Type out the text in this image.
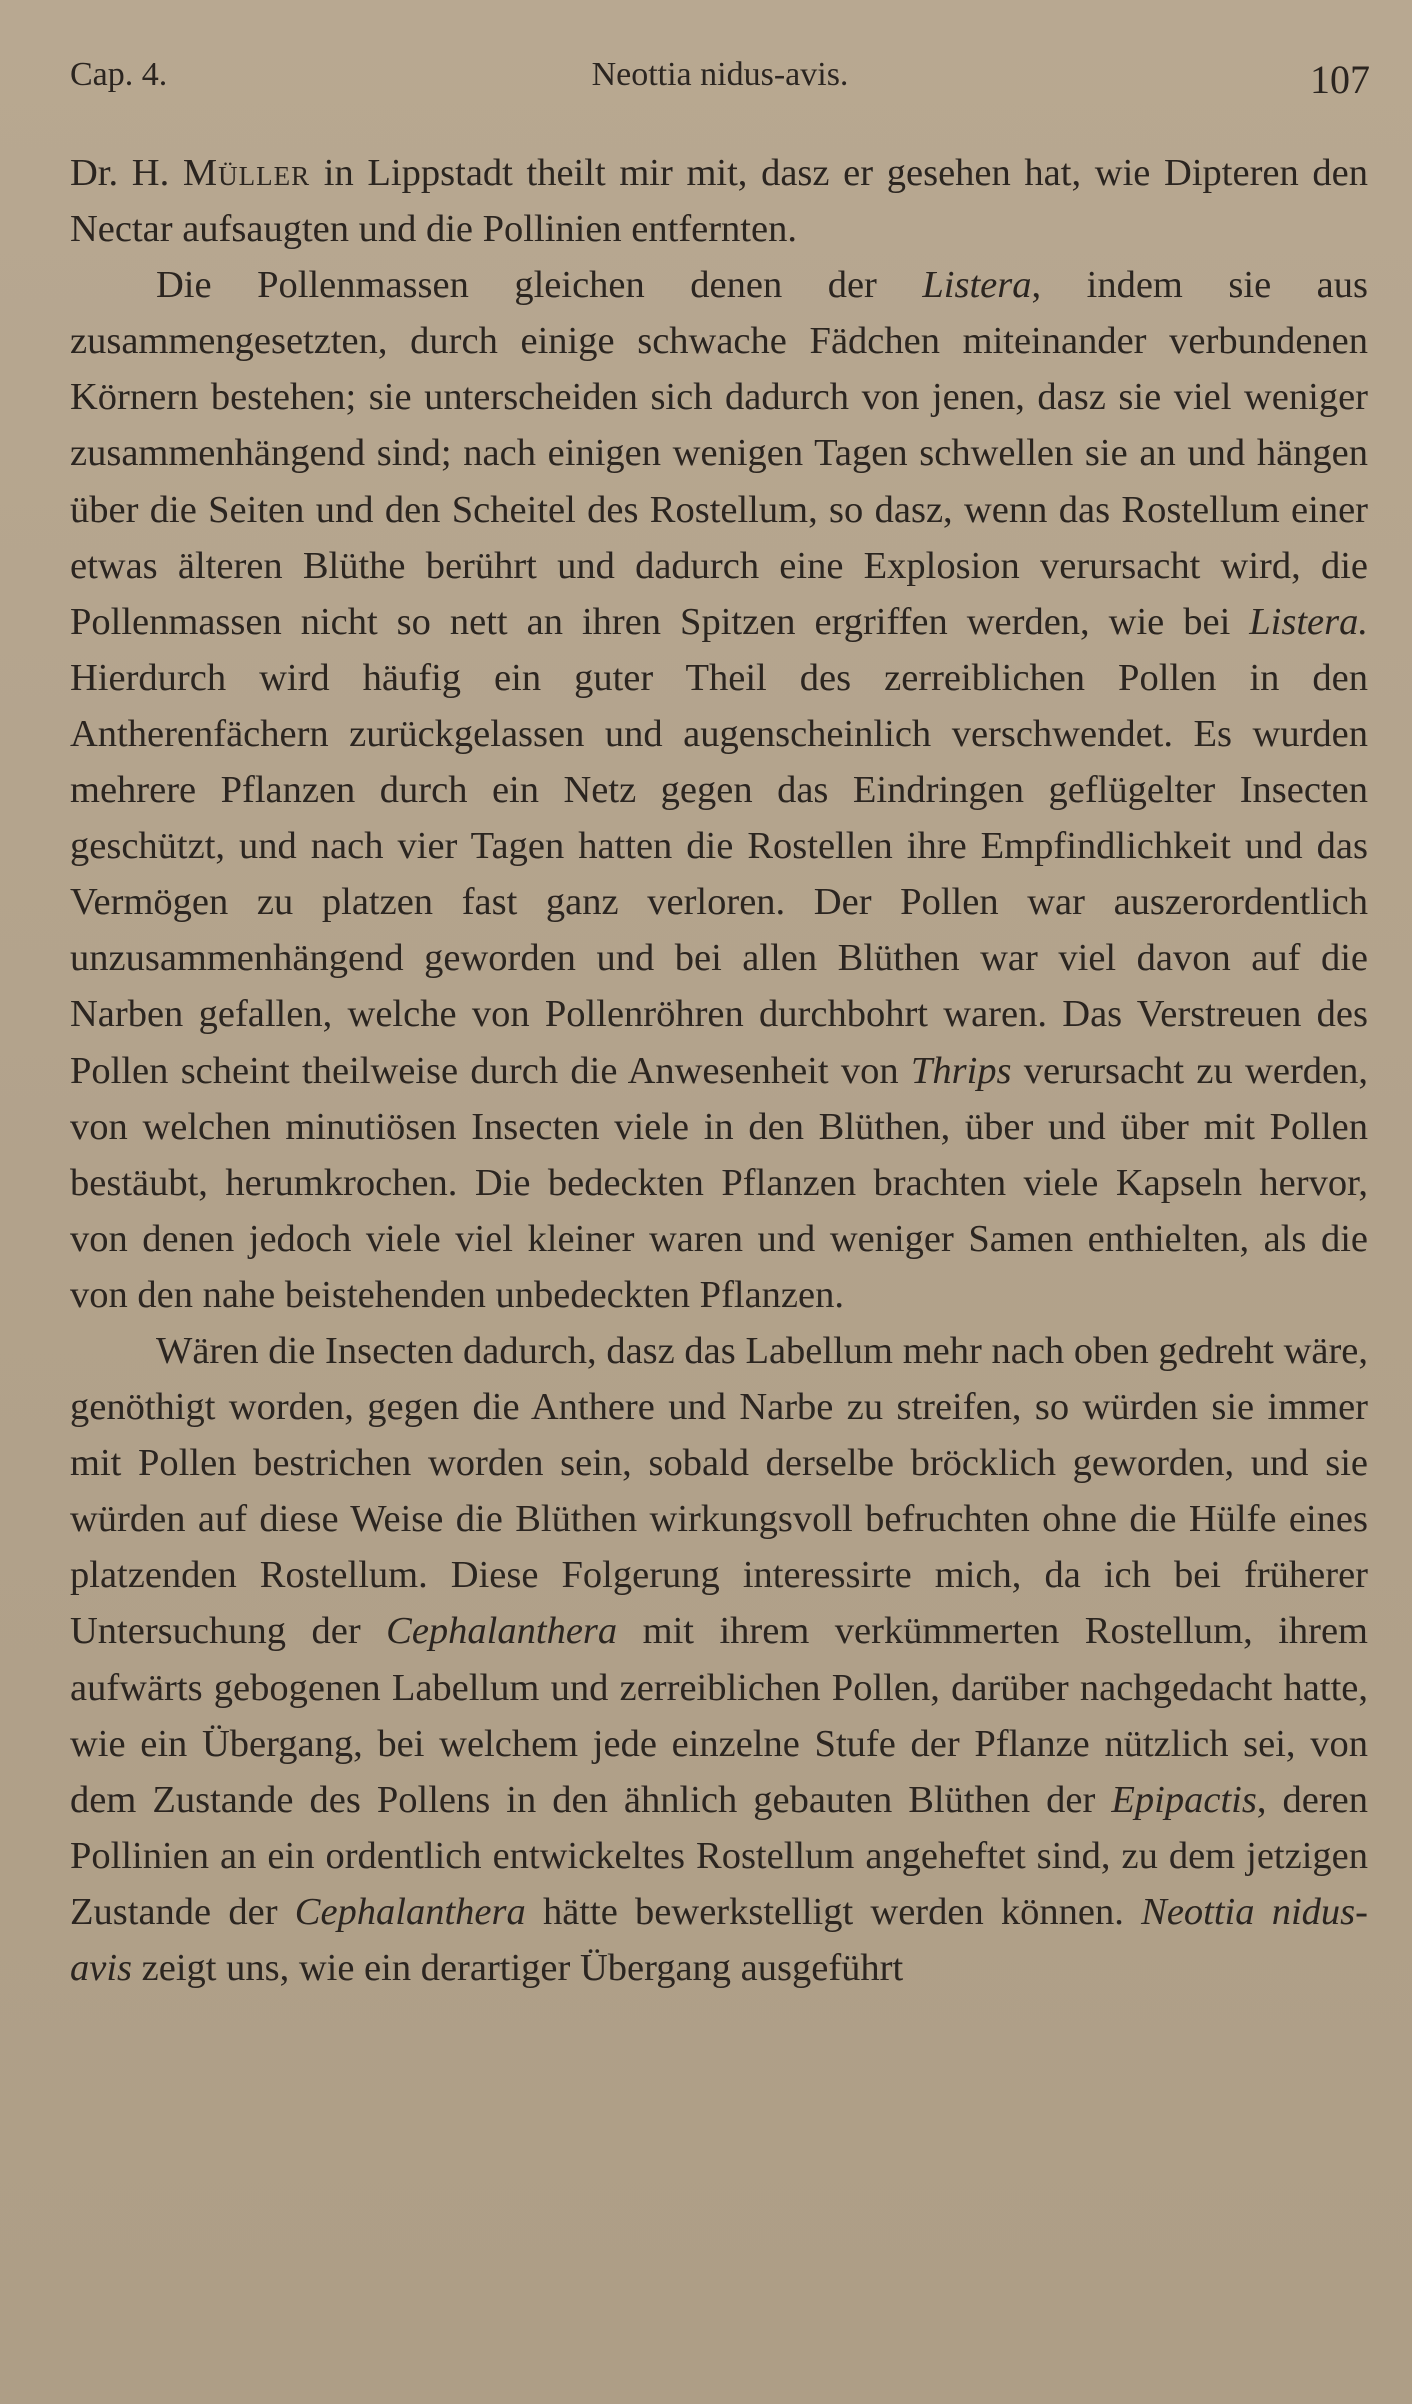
Cap. 4.	Neottia nidus-avis.	107

Dr. H. Müller in Lippstadt theilt mir mit, dasz er gesehen hat, wie Dipteren den Nectar aufsaugten und die Pollinien entfernten.

Die Pollenmassen gleichen denen der Listera, indem sie aus zusammengesetzten, durch einige schwache Fädchen miteinander verbundenen Körnern bestehen; sie unterscheiden sich dadurch von jenen, dasz sie viel weniger zusammenhängend sind; nach einigen wenigen Tagen schwellen sie an und hängen über die Seiten und den Scheitel des Rostellum, so dasz, wenn das Rostellum einer etwas älteren Blüthe berührt und dadurch eine Explosion verursacht wird, die Pollenmassen nicht so nett an ihren Spitzen ergriffen werden, wie bei Listera. Hierdurch wird häufig ein guter Theil des zerreiblichen Pollen in den Antherenfächern zurückgelassen und augenscheinlich verschwendet. Es wurden mehrere Pflanzen durch ein Netz gegen das Eindringen geflügelter Insecten geschützt, und nach vier Tagen hatten die Rostellen ihre Empfindlichkeit und das Vermögen zu platzen fast ganz verloren. Der Pollen war auszerordentlich unzusammenhängend geworden und bei allen Blüthen war viel davon auf die Narben gefallen, welche von Pollenröhren durchbohrt waren. Das Verstreuen des Pollen scheint theilweise durch die Anwesenheit von Thrips verursacht zu werden, von welchen minutiösen Insecten viele in den Blüthen, über und über mit Pollen bestäubt, herumkrochen. Die bedeckten Pflanzen brachten viele Kapseln hervor, von denen jedoch viele viel kleiner waren und weniger Samen enthielten, als die von den nahe beistehenden unbedeckten Pflanzen.

Wären die Insecten dadurch, dasz das Labellum mehr nach oben gedreht wäre, genöthigt worden, gegen die Anthere und Narbe zu streifen, so würden sie immer mit Pollen bestrichen worden sein, sobald derselbe bröcklich geworden, und sie würden auf diese Weise die Blüthen wirkungsvoll befruchten ohne die Hülfe eines platzenden Rostellum. Diese Folgerung interessirte mich, da ich bei früherer Untersuchung der Cephalanthera mit ihrem verkümmerten Rostellum, ihrem aufwärts gebogenen Labellum und zerreiblichen Pollen, darüber nachgedacht hatte, wie ein Übergang, bei welchem jede einzelne Stufe der Pflanze nützlich sei, von dem Zustande des Pollens in den ähnlich gebauten Blüthen der Epipactis, deren Pollinien an ein ordentlich entwickeltes Rostellum angeheftet sind, zu dem jetzigen Zustande der Cephalanthera hätte bewerkstelligt werden können. Neottia nidus-avis zeigt uns, wie ein derartiger Übergang ausgeführt
